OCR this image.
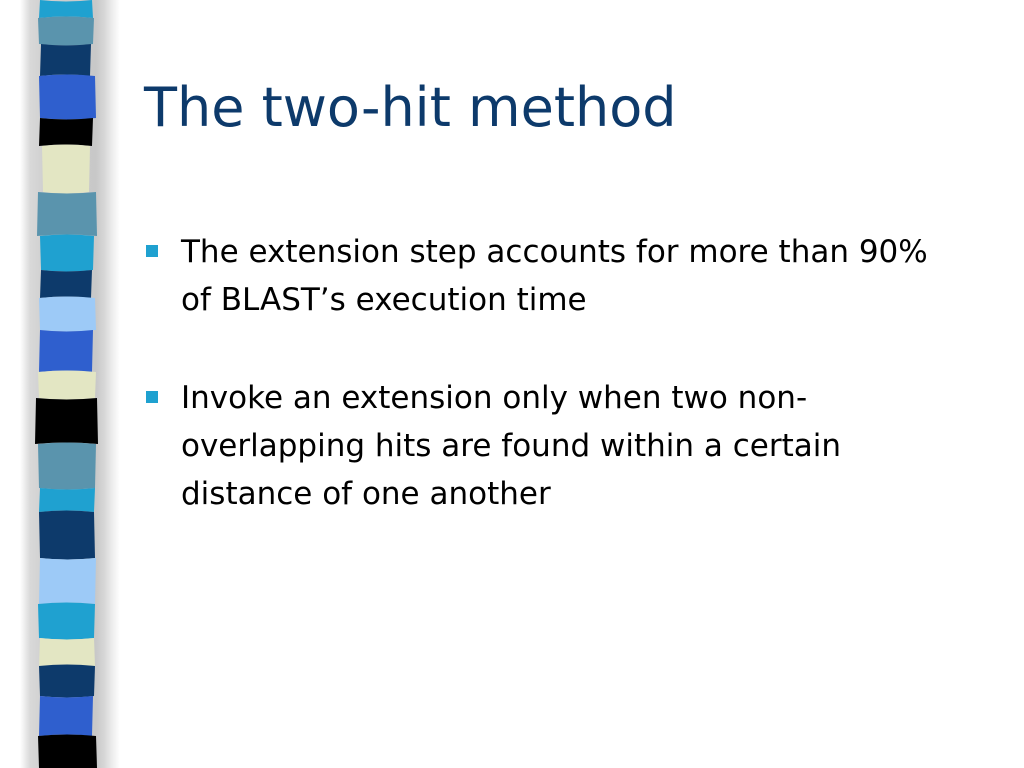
The two-hit method
The extension step accounts for more than 90% of BLAST’s execution time
Invoke an extension only when two non-overlapping hits are found within a certain distance of one another
